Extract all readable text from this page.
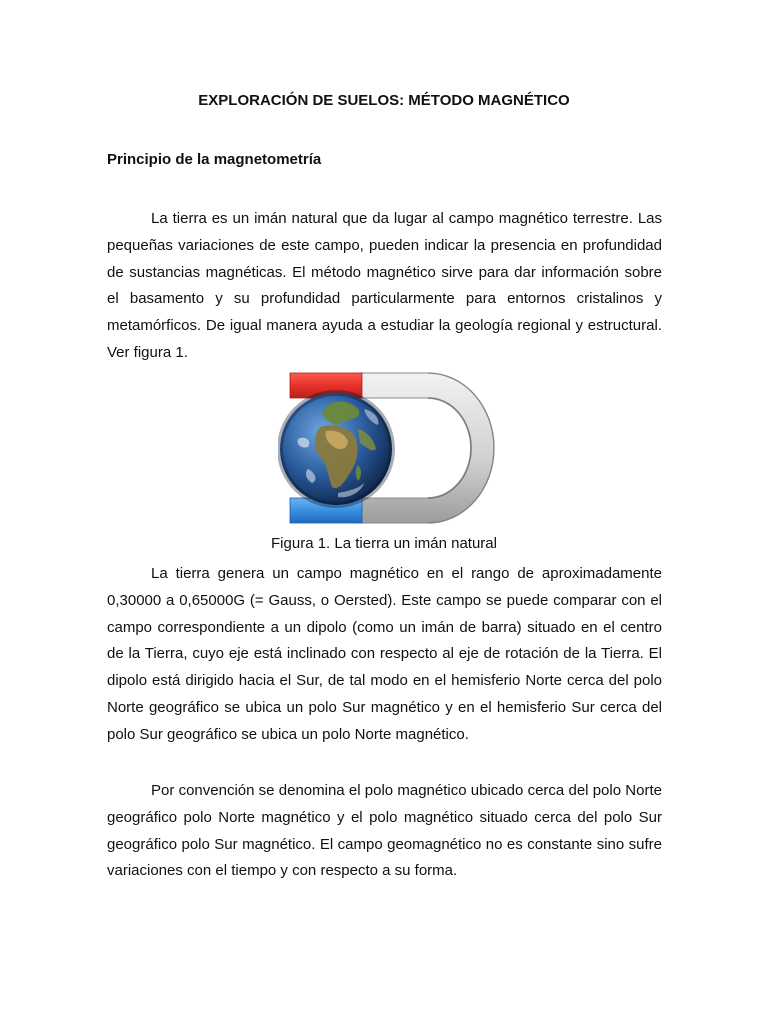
EXPLORACIÓN DE SUELOS: MÉTODO MAGNÉTICO
Principio de la magnetometría

La tierra es un imán natural que da lugar al campo magnético terrestre. Las pequeñas variaciones de este campo, pueden indicar la presencia en profundidad de sustancias magnéticas. El método magnético sirve para dar información sobre el basamento y su profundidad particularmente para entornos cristalinos y metamórficos. De igual manera ayuda a estudiar la geología regional y estructural. Ver figura 1.

Figura 1. La tierra un imán natural

La tierra genera un campo magnético en el rango de aproximadamente 0,30000 a 0,65000G (= Gauss, o Oersted). Este campo se puede comparar con el campo correspondiente a un dipolo (como un imán de barra) situado en el centro de la Tierra, cuyo eje está inclinado con respecto al eje de rotación de la Tierra. El dipolo está dirigido hacia el Sur, de tal modo en el hemisferio Norte cerca del polo Norte geográfico se ubica un polo Sur magnético y en el hemisferio Sur cerca del polo Sur geográfico se ubica un polo Norte magnético.

Por convención se denomina el polo magnético ubicado cerca del polo Norte geográfico polo Norte magnético y el polo magnético situado cerca del polo Sur geográfico polo Sur magnético. El campo geomagnético no es constante sino sufre variaciones con el tiempo y con respecto a su forma.
